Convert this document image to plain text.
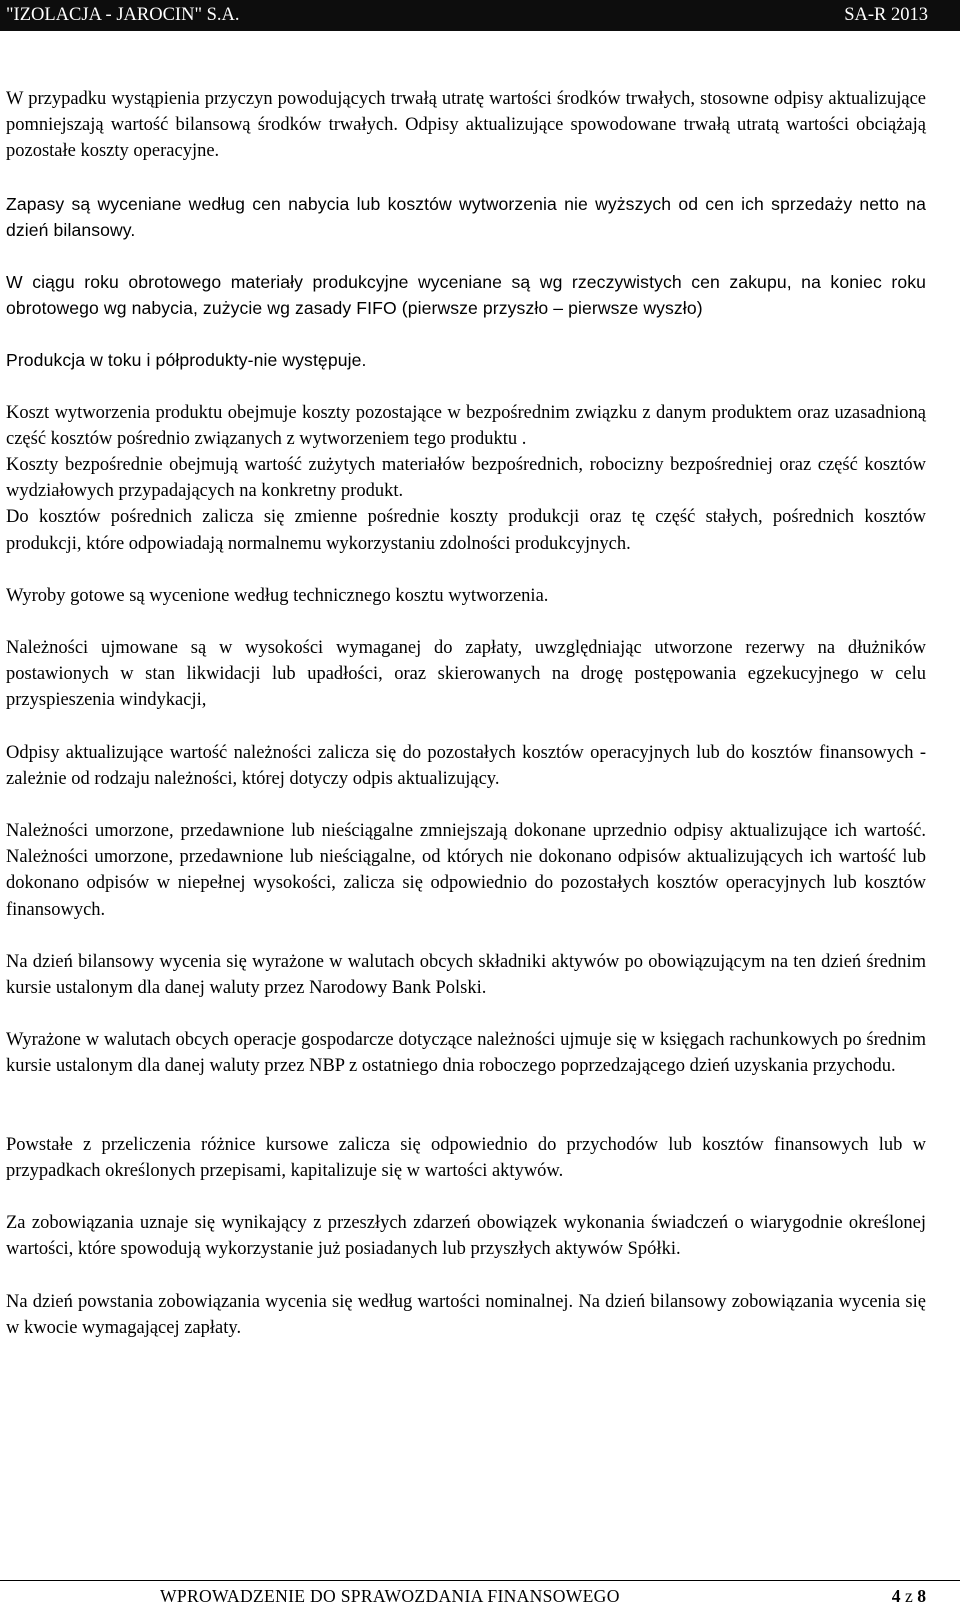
"IZOLACJA - JAROCIN" S.A.	SA-R 2013

W przypadku wystąpienia przyczyn powodujących trwałą utratę wartości środków trwałych, stosowne odpisy aktualizujące pomniejszają wartość bilansową środków trwałych. Odpisy aktualizujące spowodowane trwałą utratą wartości obciążają pozostałe koszty operacyjne.

Zapasy są wyceniane według cen nabycia lub kosztów wytworzenia nie wyższych od cen ich sprzedaży netto na dzień bilansowy.

W ciągu roku obrotowego materiały produkcyjne wyceniane są wg rzeczywistych cen zakupu, na koniec roku obrotowego wg nabycia, zużycie wg zasady FIFO (pierwsze przyszło – pierwsze wyszło)

Produkcja w toku i półprodukty-nie występuje.

Koszt wytworzenia produktu obejmuje koszty pozostające w bezpośrednim związku z danym produktem oraz uzasadnioną część kosztów pośrednio związanych z wytworzeniem tego produktu .

Koszty bezpośrednie obejmują wartość zużytych materiałów bezpośrednich, robocizny bezpośredniej oraz część kosztów wydziałowych przypadających na konkretny produkt.

Do kosztów pośrednich zalicza się zmienne pośrednie koszty produkcji oraz tę część stałych, pośrednich kosztów produkcji, które odpowiadają normalnemu wykorzystaniu zdolności produkcyjnych.

Wyroby gotowe są wycenione według technicznego kosztu wytworzenia.

Należności ujmowane są w wysokości wymaganej do zapłaty, uwzględniając utworzone rezerwy na dłużników postawionych w stan likwidacji lub upadłości, oraz skierowanych na drogę postępowania egzekucyjnego w celu przyspieszenia windykacji,

Odpisy aktualizujące wartość należności zalicza się do pozostałych kosztów operacyjnych lub do kosztów finansowych - zależnie od rodzaju należności, której dotyczy odpis aktualizujący.

Należności umorzone, przedawnione lub nieściągalne zmniejszają dokonane uprzednio odpisy aktualizujące ich wartość. Należności umorzone, przedawnione lub nieściągalne, od których nie dokonano odpisów aktualizujących ich wartość lub dokonano odpisów w niepełnej wysokości, zalicza się odpowiednio do pozostałych kosztów operacyjnych lub kosztów finansowych.

Na dzień bilansowy wycenia się wyrażone w walutach obcych składniki aktywów po obowiązującym na ten dzień średnim kursie ustalonym dla danej waluty przez Narodowy Bank Polski.

Wyrażone w walutach obcych operacje gospodarcze dotyczące należności ujmuje się w księgach rachunkowych po średnim kursie ustalonym dla danej waluty przez NBP z ostatniego dnia roboczego poprzedzającego dzień uzyskania przychodu.

Powstałe z przeliczenia różnice kursowe zalicza się odpowiednio do przychodów lub kosztów finansowych lub w przypadkach określonych przepisami, kapitalizuje się w wartości aktywów.

Za zobowiązania uznaje się wynikający z przeszłych zdarzeń obowiązek wykonania świadczeń o wiarygodnie określonej wartości, które spowodują wykorzystanie już posiadanych lub przyszłych aktywów Spółki.

Na dzień powstania zobowiązania wycenia się według wartości nominalnej. Na dzień bilansowy zobowiązania wycenia się w kwocie wymagającej zapłaty.

WPROWADZENIE DO SPRAWOZDANIA FINANSOWEGO	4 z 8
